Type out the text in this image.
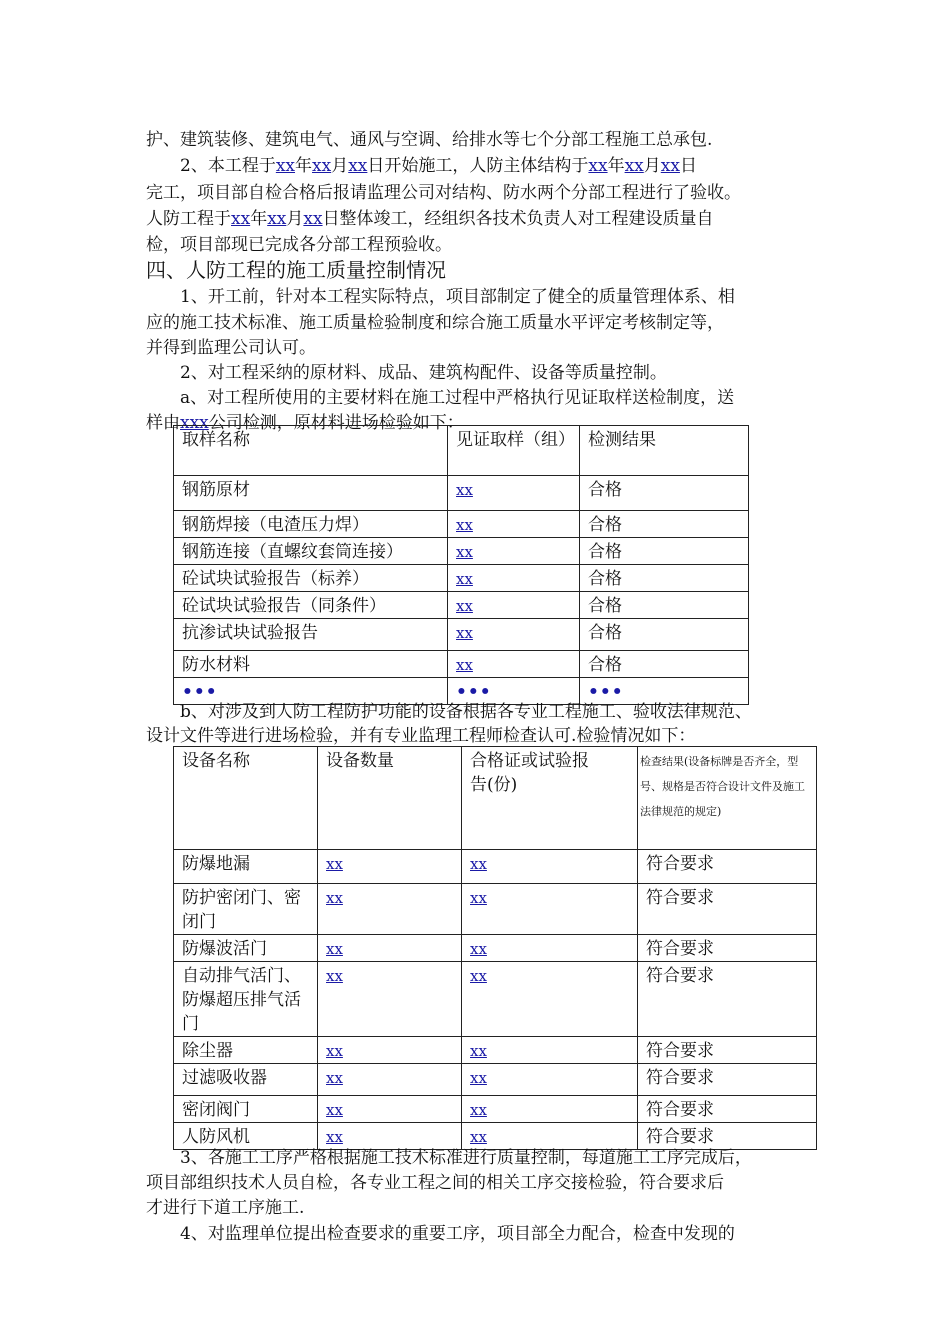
护、建筑装修、建筑电气、通风与空调、给排水等七个分部工程施工总承包.

2、本工程于xx年xx月xx日开始施工，人防主体结构于xx年xx月xx日

完工，项目部自检合格后报请监理公司对结构、防水两个分部工程进行了验收。

人防工程于xx年xx月xx日整体竣工，经组织各技术负责人对工程建设质量自

检，项目部现已完成各分部工程预验收。

四、人防工程的施工质量控制情况

1、开工前，针对本工程实际特点，项目部制定了健全的质量管理体系、相

应的施工技术标准、施工质量检验制度和综合施工质量水平评定考核制定等，

并得到监理公司认可。

2、对工程采纳的原材料、成品、建筑构配件、设备等质量控制。

a、对工程所使用的主要材料在施工过程中严格执行见证取样送检制度，送

样由xxx公司检测，原材料进场检验如下：

取样名称	见证取样（组）	检测结果
钢筋原材	xx	合格
钢筋焊接（电渣压力焊）	xx	合格
钢筋连接（直螺纹套筒连接）	xx	合格
砼试块试验报告（标养）	xx	合格
砼试块试验报告（同条件）	xx	合格
抗渗试块试验报告	xx	合格
防水材料	xx	合格
•••	•••	•••

b、对涉及到人防工程防护功能的设备根据各专业工程施工、验收法律规范、

设计文件等进行进场检验，并有专业监理工程师检查认可.检验情况如下：

设备名称	设备数量	合格证或试验报告(份)	检查结果(设备标牌是否齐全，型号、规格是否符合设计文件及施工法律规范的规定)
防爆地漏	xx	xx	符合要求
防护密闭门、密闭门	xx	xx	符合要求
防爆波活门	xx	xx	符合要求
自动排气活门、防爆超压排气活门	xx	xx	符合要求
除尘器	xx	xx	符合要求
过滤吸收器	xx	xx	符合要求
密闭阀门	xx	xx	符合要求
人防风机	xx	xx	符合要求

3、各施工工序严格根据施工技术标准进行质量控制，每道施工工序完成后，

项目部组织技术人员自检，各专业工程之间的相关工序交接检验，符合要求后

才进行下道工序施工.

4、对监理单位提出检查要求的重要工序，项目部全力配合，检查中发现的
